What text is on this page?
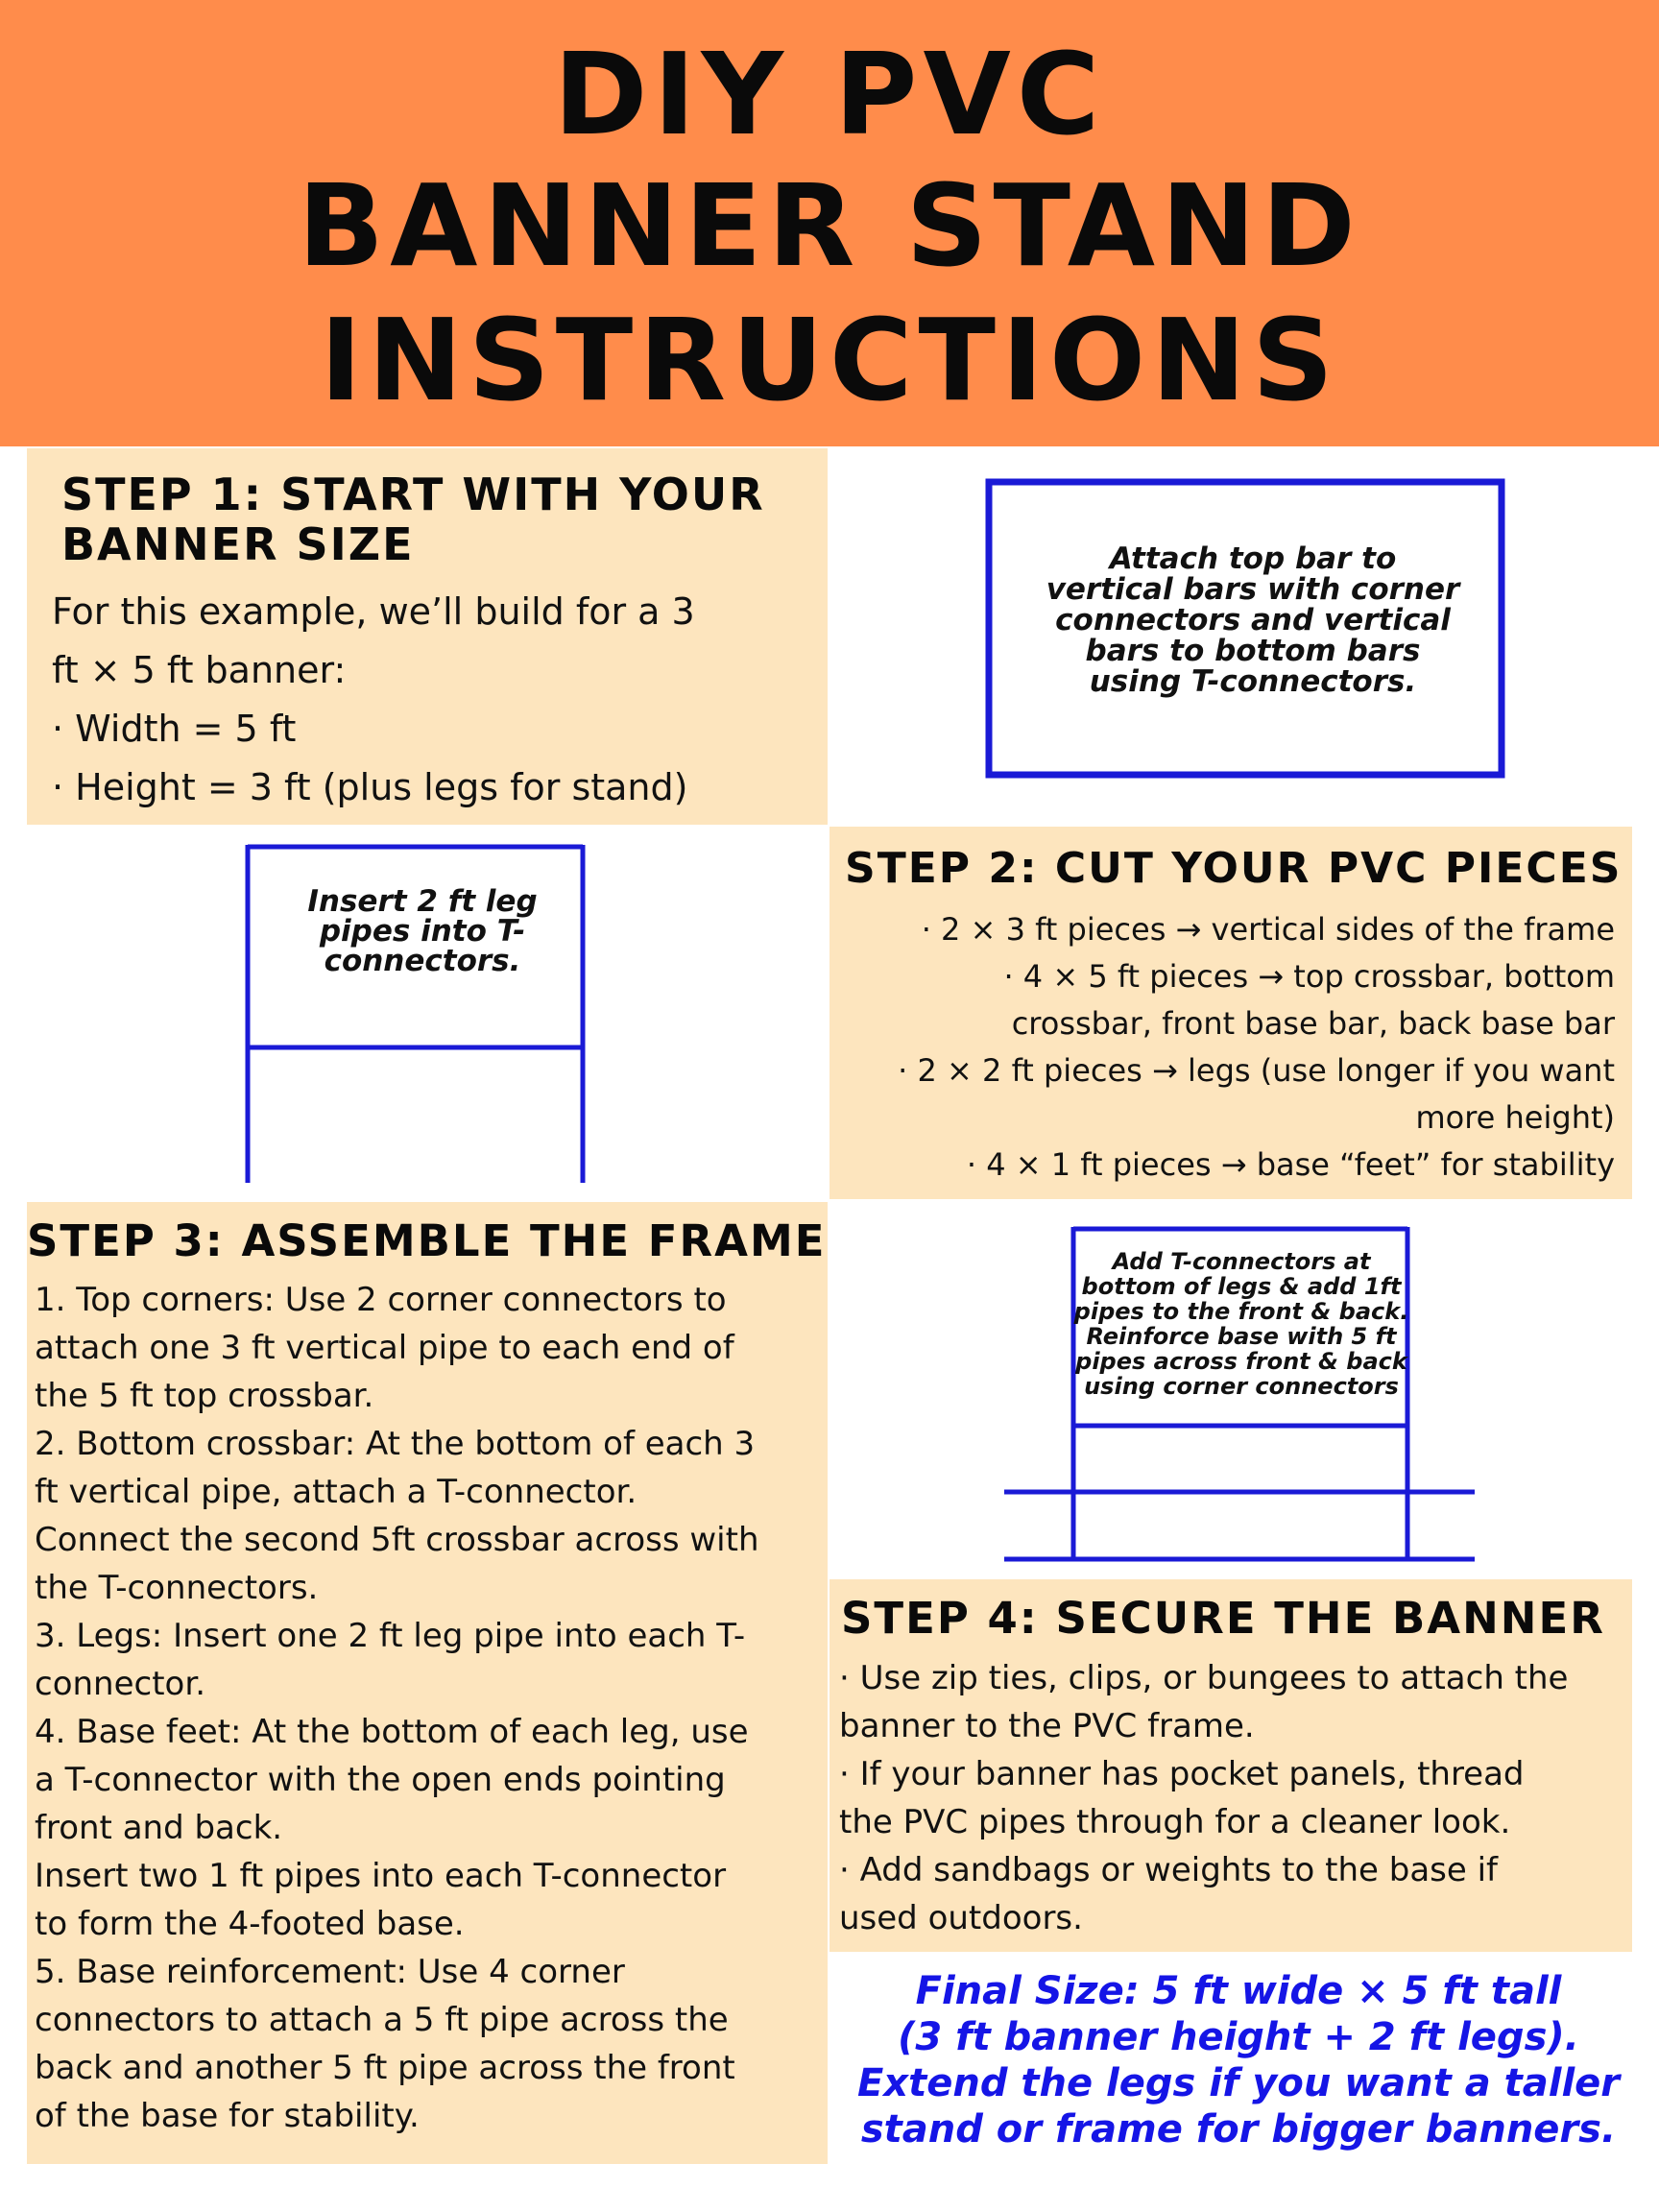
DIY PVC
BANNER STAND
INSTRUCTIONS
STEP 1: START WITH YOUR
BANNER SIZE
For this example, we’ll build for a 3
ft × 5 ft banner:
· Width = 5 ft
· Height = 3 ft (plus legs for stand)
Attach top bar to
vertical bars with corner
connectors and vertical
bars to bottom bars
using T-connectors.
Insert 2 ft leg
pipes into T-
connectors.
STEP 2: CUT YOUR PVC PIECES
· 2 × 3 ft pieces → vertical sides of the frame
· 4 × 5 ft pieces → top crossbar, bottom
crossbar, front base bar, back base bar
· 2 × 2 ft pieces → legs (use longer if you want
more height)
· 4 × 1 ft pieces → base “feet” for stability
STEP 3: ASSEMBLE THE FRAME
1. Top corners: Use 2 corner connectors to
attach one 3 ft vertical pipe to each end of
the 5 ft top crossbar.
2. Bottom crossbar: At the bottom of each 3
ft vertical pipe, attach a T-connector.
Connect the second 5ft crossbar across with
the T-connectors.
3. Legs: Insert one 2 ft leg pipe into each T-
connector.
4. Base feet: At the bottom of each leg, use
a T-connector with the open ends pointing
front and back.
Insert two 1 ft pipes into each T-connector
to form the 4-footed base.
5. Base reinforcement: Use 4 corner
connectors to attach a 5 ft pipe across the
back and another 5 ft pipe across the front
of the base for stability.
Add T-connectors at
bottom of legs & add 1ft
pipes to the front & back.
Reinforce base with 5 ft
pipes across front & back
using corner connectors
STEP 4: SECURE THE BANNER
· Use zip ties, clips, or bungees to attach the
banner to the PVC frame.
· If your banner has pocket panels, thread
the PVC pipes through for a cleaner look.
· Add sandbags or weights to the base if
used outdoors.
Final Size: 5 ft wide × 5 ft tall
(3 ft banner height + 2 ft legs).
Extend the legs if you want a taller
stand or frame for bigger banners.
